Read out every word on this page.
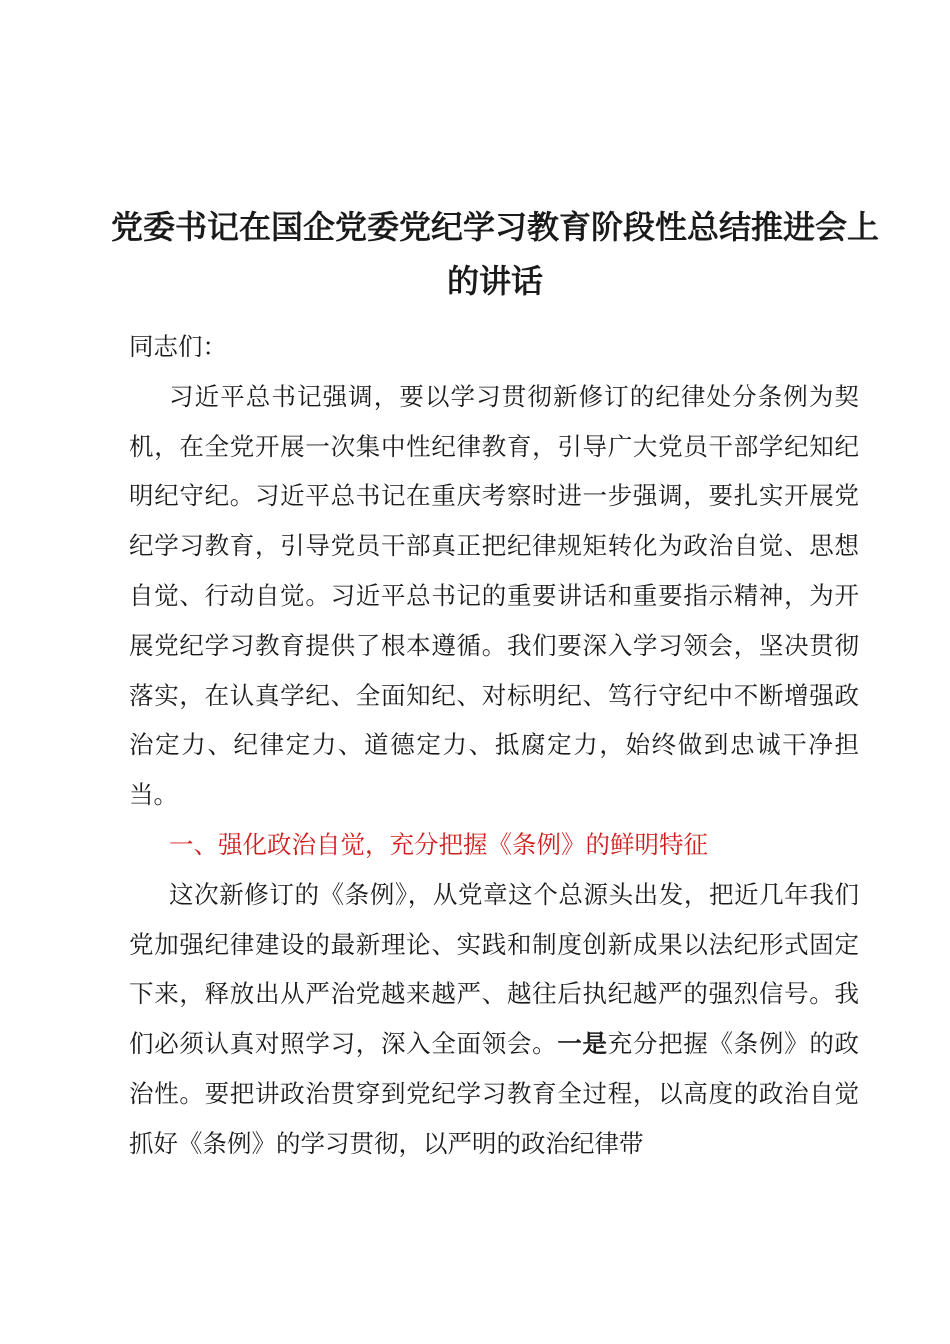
党委书记在国企党委党纪学习教育阶段性总结推进会上的讲话

同志们：

习近平总书记强调，要以学习贯彻新修订的纪律处分条例为契机，在全党开展一次集中性纪律教育，引导广大党员干部学纪知纪明纪守纪。习近平总书记在重庆考察时进一步强调，要扎实开展党纪学习教育，引导党员干部真正把纪律规矩转化为政治自觉、思想自觉、行动自觉。习近平总书记的重要讲话和重要指示精神，为开展党纪学习教育提供了根本遵循。我们要深入学习领会，坚决贯彻落实，在认真学纪、全面知纪、对标明纪、笃行守纪中不断增强政治定力、纪律定力、道德定力、抵腐定力，始终做到忠诚干净担当。

一、强化政治自觉，充分把握《条例》的鲜明特征

这次新修订的《条例》，从党章这个总源头出发，把近几年我们党加强纪律建设的最新理论、实践和制度创新成果以法纪形式固定下来，释放出从严治党越来越严、越往后执纪越严的强烈信号。我们必须认真对照学习，深入全面领会。一是充分把握《条例》的政治性。要把讲政治贯穿到党纪学习教育全过程，以高度的政治自觉抓好《条例》的学习贯彻，以严明的政治纪律带
